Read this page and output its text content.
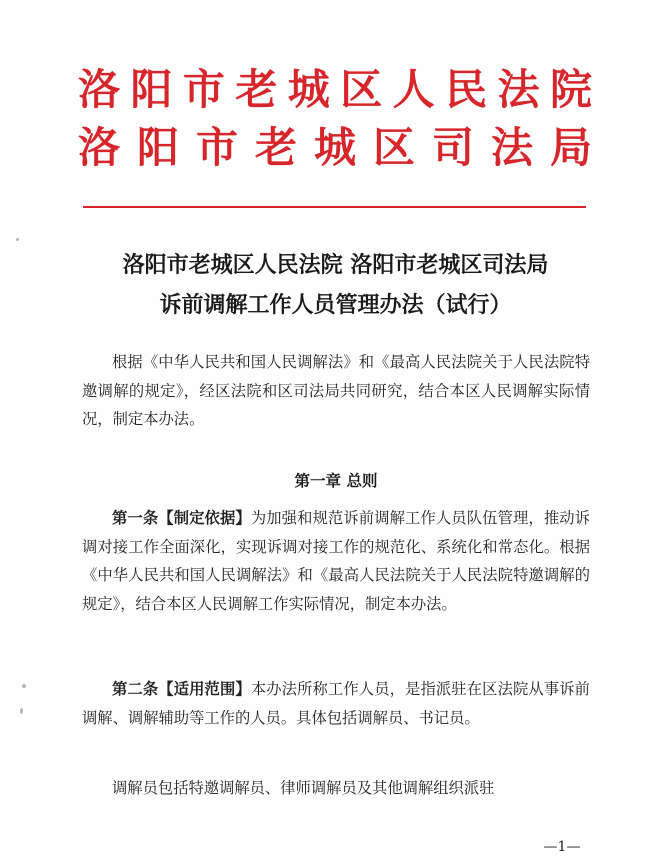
洛阳市老城区人民法院
洛阳市老城区司法局
洛阳市老城区人民法院 洛阳市老城区司法局
诉前调解工作人员管理办法（试行）
根据《中华人民共和国人民调解法》和《最高人民法院关于人民法院特邀调解的规定》，经区法院和区司法局共同研究，结合本区人民调解实际情况，制定本办法。
第一章 总则
第一条【制定依据】为加强和规范诉前调解工作人员队伍管理，推动诉调对接工作全面深化，实现诉调对接工作的规范化、系统化和常态化。根据《中华人民共和国人民调解法》和《最高人民法院关于人民法院特邀调解的规定》，结合本区人民调解工作实际情况，制定本办法。
第二条【适用范围】本办法所称工作人员，是指派驻在区法院从事诉前调解、调解辅助等工作的人员。具体包括调解员、书记员。
调解员包括特邀调解员、律师调解员及其他调解组织派驻
—1—
